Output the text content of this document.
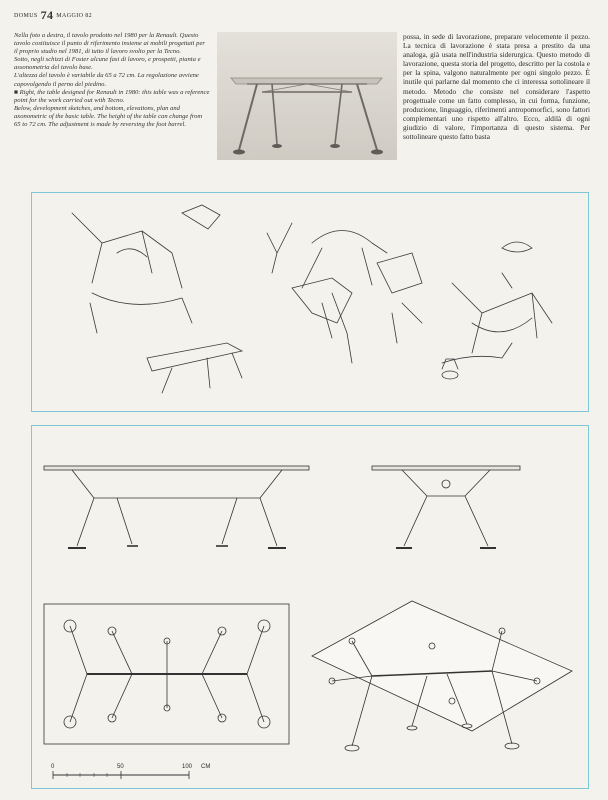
DOMUS 74 MAGGIO 82

Nella foto a destra, il tavolo prodotto nel 1980 per la Renault. Questo tavolo costituisce il punto di riferimento insieme ai mobili progettati per il proprio studio nel 1981, di tutto il lavoro svolto per la Tecno.

Sotto, negli schizzi di Foster alcune fasi di lavoro, e prospetti, pianta e assonometria del tavolo base.

L'altezza del tavolo è variabile da 65 a 72 cm. La regolazione avviene capovolgendo il perno del piedino.

■ Right, the table designed for Renault in 1980: this table was a reference point for the work carried out with Tecno.

Below, development sketches, and bottom, elevations, plan and axonometric of the basic table. The height of the table can change from 65 to 72 cm. The adjustment is made by reversing the foot barrel.

possa, in sede di lavorazione, preparare velocemente il pezzo. La tecnica di lavorazione è stata presa a prestito da una analoga, già usata nell'industria siderurgica. Questo metodo di lavorazione, questa storia del progetto, descritto per la costola e per la spina, valgono naturalmente per ogni singolo pezzo. È inutile qui parlarne dal momento che ci interessa sottolineare il metodo. Metodo che consiste nel considerare l'aspetto progettuale come un fatto complesso, in cui forma, funzione, produzione, linguaggio, riferimenti antropomorfici, sono fattori complementari uno rispetto all'altro. Ecco, aldilà di ogni giudizio di valore, l'importanza di questo sistema. Per sottolineare questo fatto basta
0	50	100 CM
